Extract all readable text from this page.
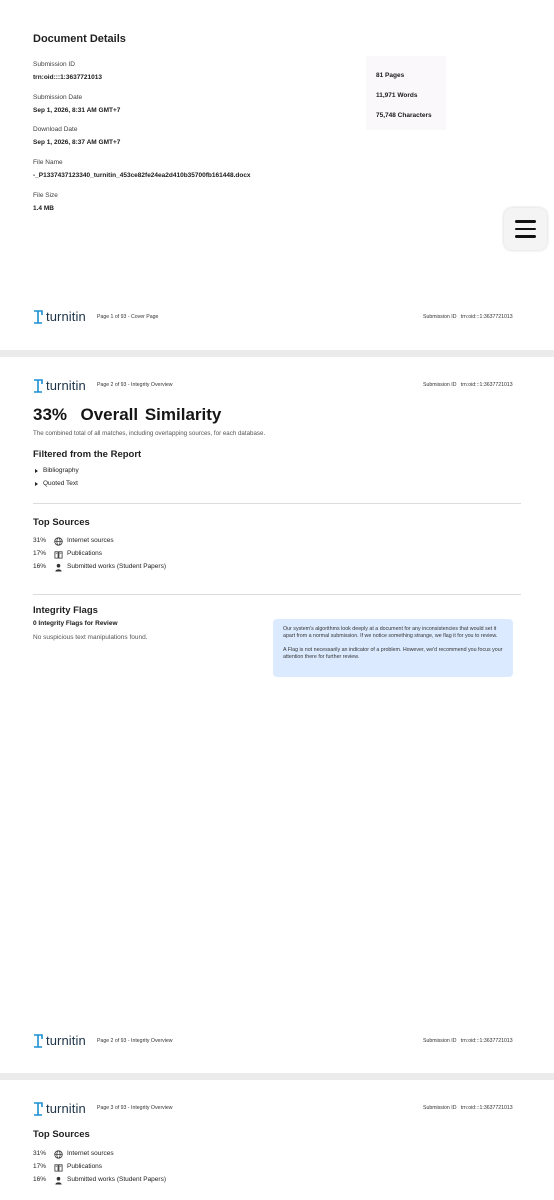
Document Details
Submission ID
trn:oid:::1:3637721013
Submission Date
Sep 1, 2026, 8:31 AM GMT+7
Download Date
Sep 1, 2026, 8:37 AM GMT+7
File Name
-_P1337437123340_turnitin_453ce82fe24ea2d410b35700fb161448.docx
File Size
1.4 MB
81 Pages
11,971 Words
75,748 Characters
turnitin Page 1 of 93 - Cover Page	Submission ID   trn:oid:::1:3637721013
turnitin Page 2 of 93 - Integrity Overview	Submission ID   trn:oid:::1:3637721013
33%  Overall Similarity
The combined total of all matches, including overlapping sources, for each database.
Filtered from the Report
Bibliography
Quoted Text
Top Sources
31%	Internet sources
17%	Publications
16%	Submitted works (Student Papers)
Integrity Flags
0 Integrity Flags for Review
No suspicious text manipulations found.

Our system's algorithms look deeply at a document for any inconsistencies that would set it apart from a normal submission. If we notice something strange, we flag it for you to review.

A Flag is not necessarily an indicator of a problem. However, we'd recommend you focus your attention there for further review.

turnitin Page 2 of 93 - Integrity Overview	Submission ID   trn:oid:::1:3637721013
turnitin Page 3 of 93 - Integrity Overview	Submission ID   trn:oid:::1:3637721013
Top Sources
31%	Internet sources
17%	Publications
16%	Submitted works (Student Papers)
